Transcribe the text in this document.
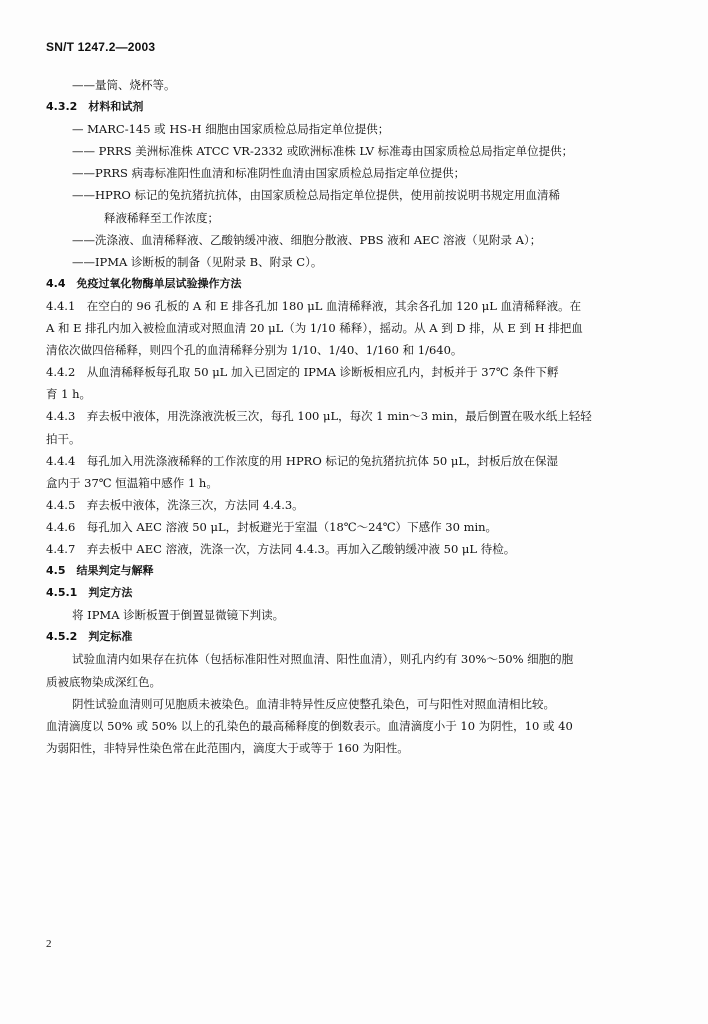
SN/T 1247.2—2003
——量筒、烧杯等。
4.3.2　材料和试剂
— MARC-145 或 HS-H 细胞由国家质检总局指定单位提供；
—— PRRS 美洲标准株 ATCC VR-2332 或欧洲标准株 LV 标准毒由国家质检总局指定单位提供；
——PRRS 病毒标准阳性血清和标准阴性血清由国家质检总局指定单位提供；
——HPRO 标记的兔抗猪抗抗体，由国家质检总局指定单位提供，使用前按说明书规定用血清稀
释液稀释至工作浓度；
——洗涤液、血清稀释液、乙酸钠缓冲液、细胞分散液、PBS 液和 AEC 溶液（见附录 A）；
——IPMA 诊断板的制备（见附录 B、附录 C）。
4.4　免疫过氧化物酶单层试验操作方法
4.4.1　在空白的 96 孔板的 A 和 E 排各孔加 180 μL 血清稀释液，其余各孔加 120 μL 血清稀释液。在
A 和 E 排孔内加入被检血清或对照血清 20 μL（为 1/10 稀释），摇动。从 A 到 D 排，从 E 到 H 排把血
清依次做四倍稀释，则四个孔的血清稀释分别为 1/10、1/40、1/160 和 1/640。
4.4.2　从血清稀释板每孔取 50 μL 加入已固定的 IPMA 诊断板相应孔内，封板并于 37℃ 条件下孵
育 1 h。
4.4.3　弃去板中液体，用洗涤液洗板三次，每孔 100 μL，每次 1 min～3 min，最后倒置在吸水纸上轻轻
拍干。
4.4.4　每孔加入用洗涤液稀释的工作浓度的用 HPRO 标记的兔抗猪抗抗体 50 μL，封板后放在保湿
盒内于 37℃ 恒温箱中感作 1 h。
4.4.5　弃去板中液体，洗涤三次，方法同 4.4.3。
4.4.6　每孔加入 AEC 溶液 50 μL，封板避光于室温（18℃～24℃）下感作 30 min。
4.4.7　弃去板中 AEC 溶液，洗涤一次，方法同 4.4.3。再加入乙酸钠缓冲液 50 μL 待检。
4.5　结果判定与解释
4.5.1　判定方法
将 IPMA 诊断板置于倒置显微镜下判读。
4.5.2　判定标准
试验血清内如果存在抗体（包括标准阳性对照血清、阳性血清），则孔内约有 30%～50% 细胞的胞
质被底物染成深红色。
阴性试验血清则可见胞质未被染色。血清非特异性反应使整孔染色，可与阳性对照血清相比较。
血清滴度以 50% 或 50% 以上的孔染色的最高稀释度的倒数表示。血清滴度小于 10 为阴性，10 或 40
为弱阳性，非特异性染色常在此范围内，滴度大于或等于 160 为阳性。
2
